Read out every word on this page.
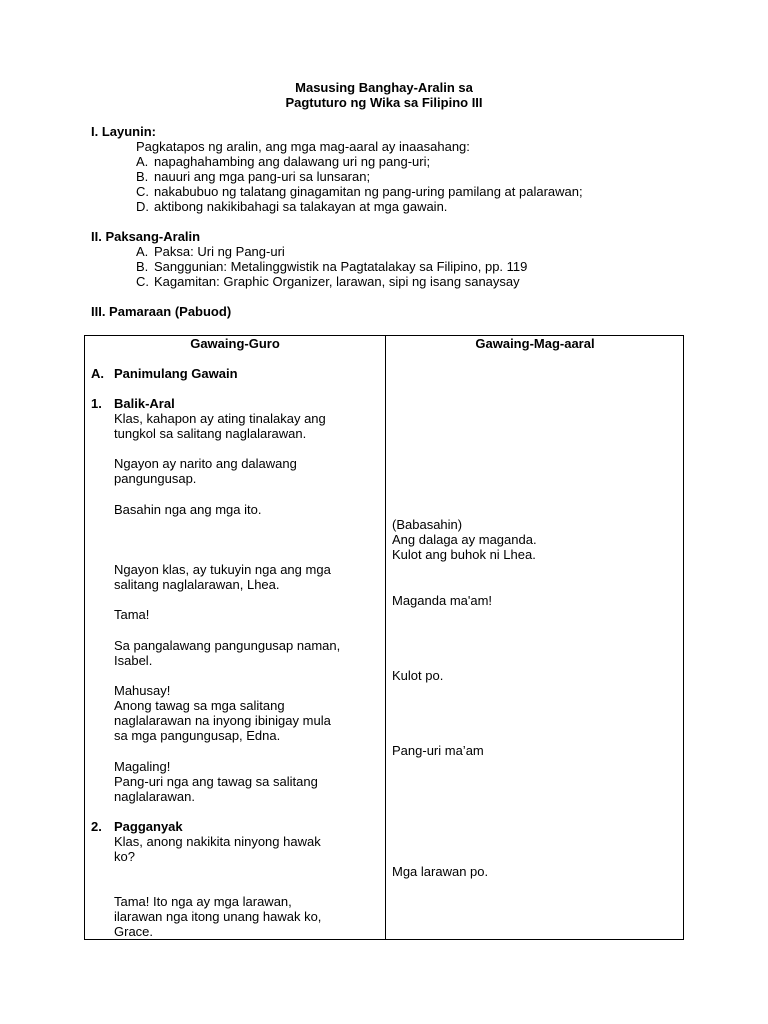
Masusing Banghay-Aralin sa
Pagtuturo ng Wika sa Filipino III
I. Layunin:
Pagkatapos ng aralin, ang mga mag-aaral ay inaasahang:
A. napaghahambing ang dalawang uri ng pang-uri;
B. nauuri ang mga pang-uri sa lunsaran;
C. nakabubuo ng talatang ginagamitan ng pang-uring pamilang at palarawan;
D. aktibong nakikibahagi sa talakayan at mga gawain.
II. Paksang-Aralin
A. Paksa: Uri ng Pang-uri
B. Sanggunian: Metalinggwistik na Pagtatalakay sa Filipino, pp. 119
C. Kagamitan: Graphic Organizer, larawan, sipi ng isang sanaysay
III. Pamaraan (Pabuod)
Gawaing-Guro	Gawaing-Mag-aaral
A. Panimulang Gawain
1. Balik-Aral
Klas, kahapon ay ating tinalakay ang
tungkol sa salitang naglalarawan.
Ngayon ay narito ang dalawang
pangungusap.
Basahin nga ang mga ito.
Ngayon klas, ay tukuyin nga ang mga
salitang naglalarawan, Lhea.
Tama!
Sa pangalawang pangungusap naman,
Isabel.
Mahusay!
Anong tawag sa mga salitang
naglalarawan na inyong ibinigay mula
sa mga pangungusap, Edna.
Magaling!
Pang-uri nga ang tawag sa salitang
naglalarawan.
2. Pagganyak
Klas, anong nakikita ninyong hawak
ko?
Tama! Ito nga ay mga larawan,
ilarawan nga itong unang hawak ko,
Grace.
(Babasahin)
Ang dalaga ay maganda.
Kulot ang buhok ni Lhea.
Maganda ma'am!
Kulot po.
Pang-uri ma’am
Mga larawan po.
